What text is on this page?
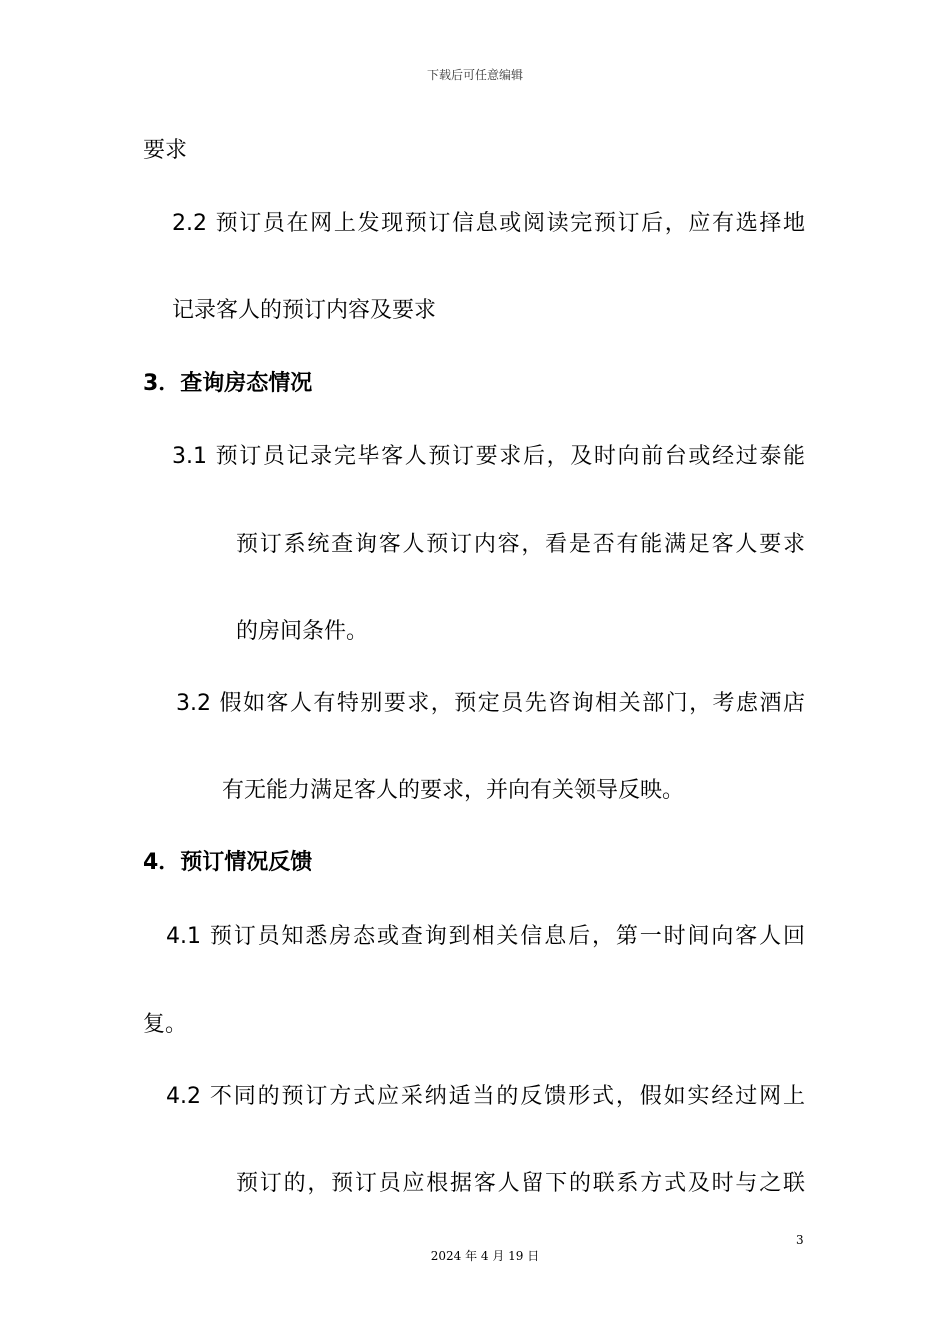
下载后可任意编辑
要求
2.2 预订员在网上发现预订信息或阅读完预订后，应有选择地
记录客人的预订内容及要求
3．查询房态情况
3.1 预订员记录完毕客人预订要求后，及时向前台或经过泰能
预订系统查询客人预订内容，看是否有能满足客人要求
的房间条件。
3.2 假如客人有特别要求，预定员先咨询相关部门，考虑酒店
有无能力满足客人的要求，并向有关领导反映。
4．预订情况反馈
4.1 预订员知悉房态或查询到相关信息后，第一时间向客人回
复。
4.2 不同的预订方式应采纳适当的反馈形式，假如实经过网上
预订的，预订员应根据客人留下的联系方式及时与之联
3
2024 年 4 月 19 日
